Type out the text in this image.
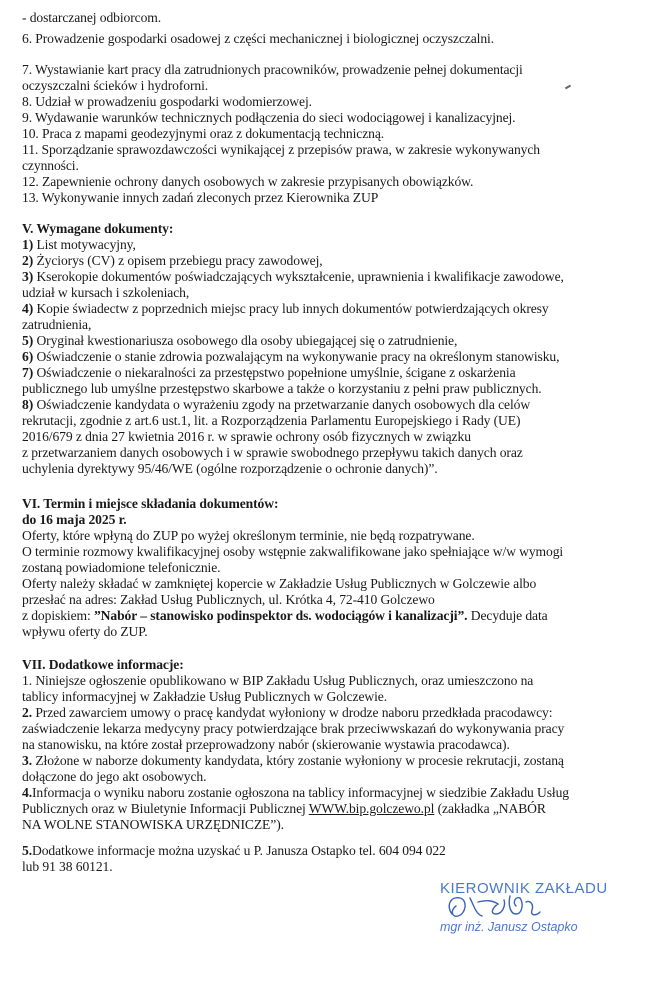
- dostarczanej odbiorcom.
6. Prowadzenie gospodarki osadowej z części mechanicznej i biologicznej oczyszczalni.
7. Wystawianie kart pracy dla zatrudnionych pracowników, prowadzenie pełnej dokumentacji
oczyszczalni ścieków i hydroforni.
8. Udział w prowadzeniu gospodarki wodomierzowej.
9. Wydawanie warunków technicznych podłączenia do sieci wodociągowej i kanalizacyjnej.
10. Praca z mapami geodezyjnymi oraz z dokumentacją techniczną.
11. Sporządzanie sprawozdawczości wynikającej z przepisów prawa, w zakresie wykonywanych
czynności.
12. Zapewnienie ochrony danych osobowych w zakresie przypisanych obowiązków.
13. Wykonywanie innych zadań zleconych przez Kierownika ZUP
V. Wymagane dokumenty:
1) List motywacyjny,
2) Życiorys (CV) z opisem przebiegu pracy zawodowej,
3) Kserokopie dokumentów poświadczających wykształcenie, uprawnienia i kwalifikacje zawodowe,
udział w kursach i szkoleniach,
4) Kopie świadectw z poprzednich miejsc pracy lub innych dokumentów potwierdzających okresy
zatrudnienia,
5) Oryginał kwestionariusza osobowego dla osoby ubiegającej się o zatrudnienie,
6) Oświadczenie o stanie zdrowia pozwalającym na wykonywanie pracy na określonym stanowisku,
7) Oświadczenie o niekaralności za przestępstwo popełnione umyślnie, ścigane z oskarżenia
publicznego lub umyślne przestępstwo skarbowe a także o korzystaniu z pełni praw publicznych.
8) Oświadczenie kandydata o wyrażeniu zgody na przetwarzanie danych osobowych dla celów
rekrutacji, zgodnie z art.6 ust.1, lit. a Rozporządzenia Parlamentu Europejskiego i Rady (UE)
2016/679 z dnia 27 kwietnia 2016 r. w sprawie ochrony osób fizycznych w związku
z przetwarzaniem danych osobowych i w sprawie swobodnego przepływu takich danych oraz
uchylenia dyrektywy 95/46/WE (ogólne rozporządzenie o ochronie danych)”.
VI. Termin i miejsce składania dokumentów:
do 16 maja 2025 r.
Oferty, które wpłyną do ZUP po wyżej określonym terminie, nie będą rozpatrywane.
O terminie rozmowy kwalifikacyjnej osoby wstępnie zakwalifikowane jako spełniające w/w wymogi
zostaną powiadomione telefonicznie.
Oferty należy składać w zamkniętej kopercie w Zakładzie Usług Publicznych w Golczewie albo
przesłać na adres: Zakład Usług Publicznych, ul. Krótka 4, 72-410 Golczewo
z dopiskiem: ”Nabór – stanowisko podinspektor ds. wodociągów i kanalizacji”. Decyduje data
wpływu oferty do ZUP.
VII. Dodatkowe informacje:
1. Niniejsze ogłoszenie opublikowano w BIP Zakładu Usług Publicznych, oraz umieszczono na
tablicy informacyjnej w Zakładzie Usług Publicznych w Golczewie.
2. Przed zawarciem umowy o pracę kandydat wyłoniony w drodze naboru przedkłada pracodawcy:
zaświadczenie lekarza medycyny pracy potwierdzające brak przeciwwskazań do wykonywania pracy
na stanowisku, na które został przeprowadzony nabór (skierowanie wystawia pracodawca).
3. Złożone w naborze dokumenty kandydata, który zostanie wyłoniony w procesie rekrutacji, zostaną
dołączone do jego akt osobowych.
4.Informacja o wyniku naboru zostanie ogłoszona na tablicy informacyjnej w siedzibie Zakładu Usług
Publicznych oraz w Biuletynie Informacji Publicznej WWW.bip.golczewo.pl (zakładka „NABÓR
NA WOLNE STANOWISKA URZĘDNICZE”).
5.Dodatkowe informacje można uzyskać u P. Janusza Ostapko tel. 604 094 022
lub 91 38 60121.
KIEROWNIK ZAKŁADU
mgr inż. Janusz Ostapko
